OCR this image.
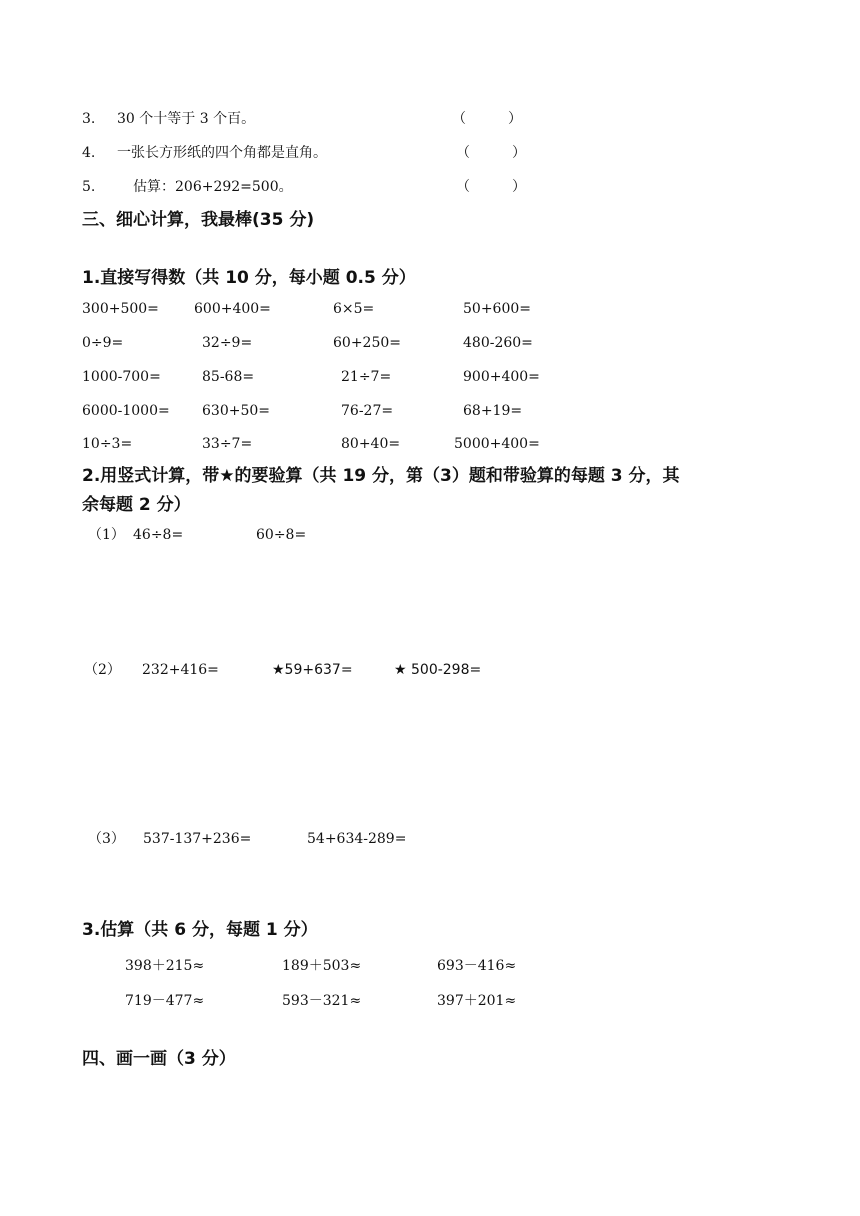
3. 30 个十等于 3 个百。	（　　　）
4. 一张长方形纸的四个角都是直角。	（　　　）
5.	估算：206+292=500。	（　　　）
三、细心计算，我最棒(35 分)
1.直接写得数（共 10 分，每小题 0.5 分）
300+500=	600+400=	6×5=	50+600=
0÷9=	32÷9=	60+250=	480-260=
1000-700=	85-68=	21÷7=	900+400=
6000-1000= 630+50=	76-27=	68+19=
10÷3=	33÷7=	80+40=	5000+400=
2.用竖式计算，带★的要验算（共 19 分，第（3）题和带验算的每题 3 分，其
余每题 2 分）
（1） 46÷8=	60÷8=
（2） 232+416=	★59+637=	★ 500-298=
（3） 537-137+236=	54+634-289=
3.估算（共 6 分，每题 1 分）
398＋215≈	189＋503≈	693－416≈
719－477≈	593－321≈	397＋201≈
四、画一画（3 分）
